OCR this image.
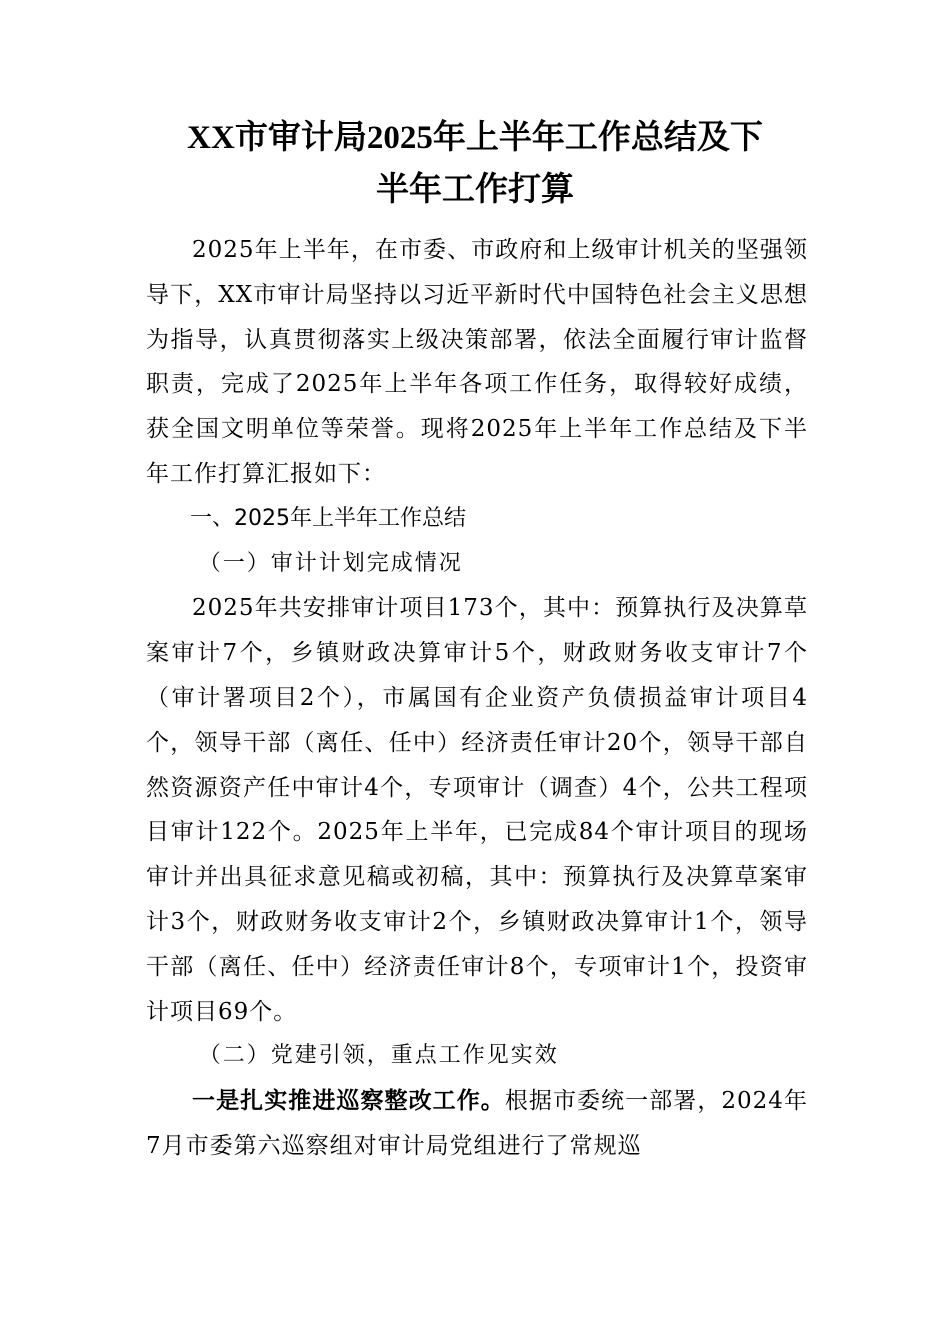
XX市审计局2025年上半年工作总结及下
半年工作打算

2025年上半年，在市委、市政府和上级审计机关的坚强领导下，XX市审计局坚持以习近平新时代中国特色社会主义思想为指导，认真贯彻落实上级决策部署，依法全面履行审计监督职责，完成了2025年上半年各项工作任务，取得较好成绩，获全国文明单位等荣誉。现将2025年上半年工作总结及下半年工作打算汇报如下：

一、2025年上半年工作总结

（一）审计计划完成情况

2025年共安排审计项目173个，其中：预算执行及决算草案审计7个，乡镇财政决算审计5个，财政财务收支审计7个（审计署项目2个），市属国有企业资产负债损益审计项目4个，领导干部（离任、任中）经济责任审计20个，领导干部自然资源资产任中审计4个，专项审计（调查）4个，公共工程项目审计122个。2025年上半年，已完成84个审计项目的现场审计并出具征求意见稿或初稿，其中：预算执行及决算草案审计3个，财政财务收支审计2个，乡镇财政决算审计1个，领导干部（离任、任中）经济责任审计8个，专项审计1个，投资审计项目69个。

（二）党建引领，重点工作见实效

一是扎实推进巡察整改工作。根据市委统一部署，2024年7月市委第六巡察组对审计局党组进行了常规巡
